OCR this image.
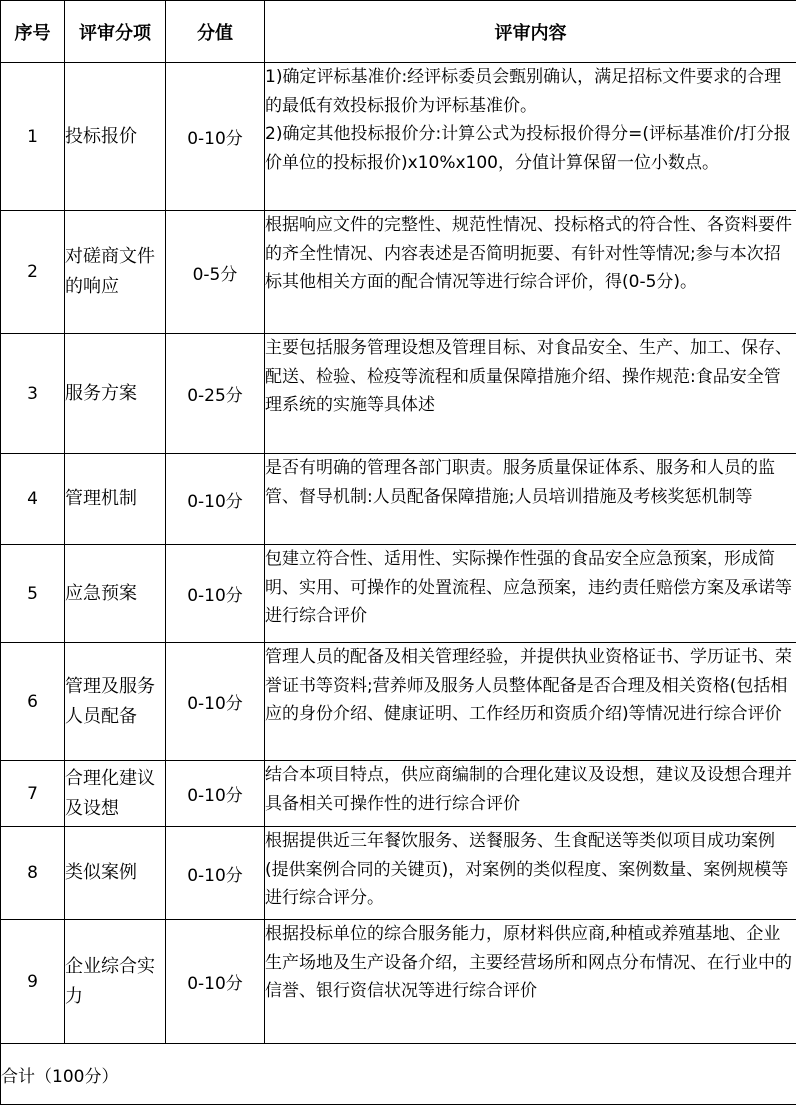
序号	评审分项	分值	评审内容
1	投标报价	0-10分	1)确定评标基准价:经评标委员会甄别确认，满足招标文件要求的合理的最低有效投标报价为评标基准价。
2)确定其他投标报价分:计算公式为投标报价得分=(评标基准价/打分报价单位的投标报价)x10%x100，分值计算保留一位小数点。

2	对磋商文件的响应	0-5分	根据响应文件的完整性、规范性情况、投标格式的符合性、各资料要件的齐全性情况、内容表述是否简明扼要、有针对性等情况;参与本次招标其他相关方面的配合情况等进行综合评价，得(0-5分)。

3	服务方案	0-25分	主要包括服务管理设想及管理目标、对食品安全、生产、加工、保存、配送、检验、检疫等流程和质量保障措施介绍、操作规范:食品安全管理系统的实施等具体述

4	管理机制	0-10分	是否有明确的管理各部门职责。服务质量保证体系、服务和人员的监管、督导机制:人员配备保障措施;人员培训措施及考核奖惩机制等

5	应急预案	0-10分	包建立符合性、适用性、实际操作性强的食品安全应急预案，形成简明、实用、可操作的处置流程、应急预案，违约责任赔偿方案及承诺等进行综合评价

6	管理及服务人员配备	0-10分	管理人员的配备及相关管理经验，并提供执业资格证书、学历证书、荣誉证书等资料;营养师及服务人员整体配备是否合理及相关资格(包括相应的身份介绍、健康证明、工作经历和资质介绍)等情况进行综合评价

7	合理化建议及设想	0-10分	结合本项目特点，供应商编制的合理化建议及设想，建议及设想合理并具备相关可操作性的进行综合评价

8	类似案例	0-10分	根据提供近三年餐饮服务、送餐服务、生食配送等类似项目成功案例(提供案例合同的关键页)，对案例的类似程度、案例数量、案例规模等进行综合评分。

9	企业综合实力	0-10分	根据投标单位的综合服务能力，原材料供应商,种植或养殖基地、企业生产场地及生产设备介绍，主要经营场所和网点分布情况、在行业中的信誉、银行资信状况等进行综合评价

合计（100分）			
